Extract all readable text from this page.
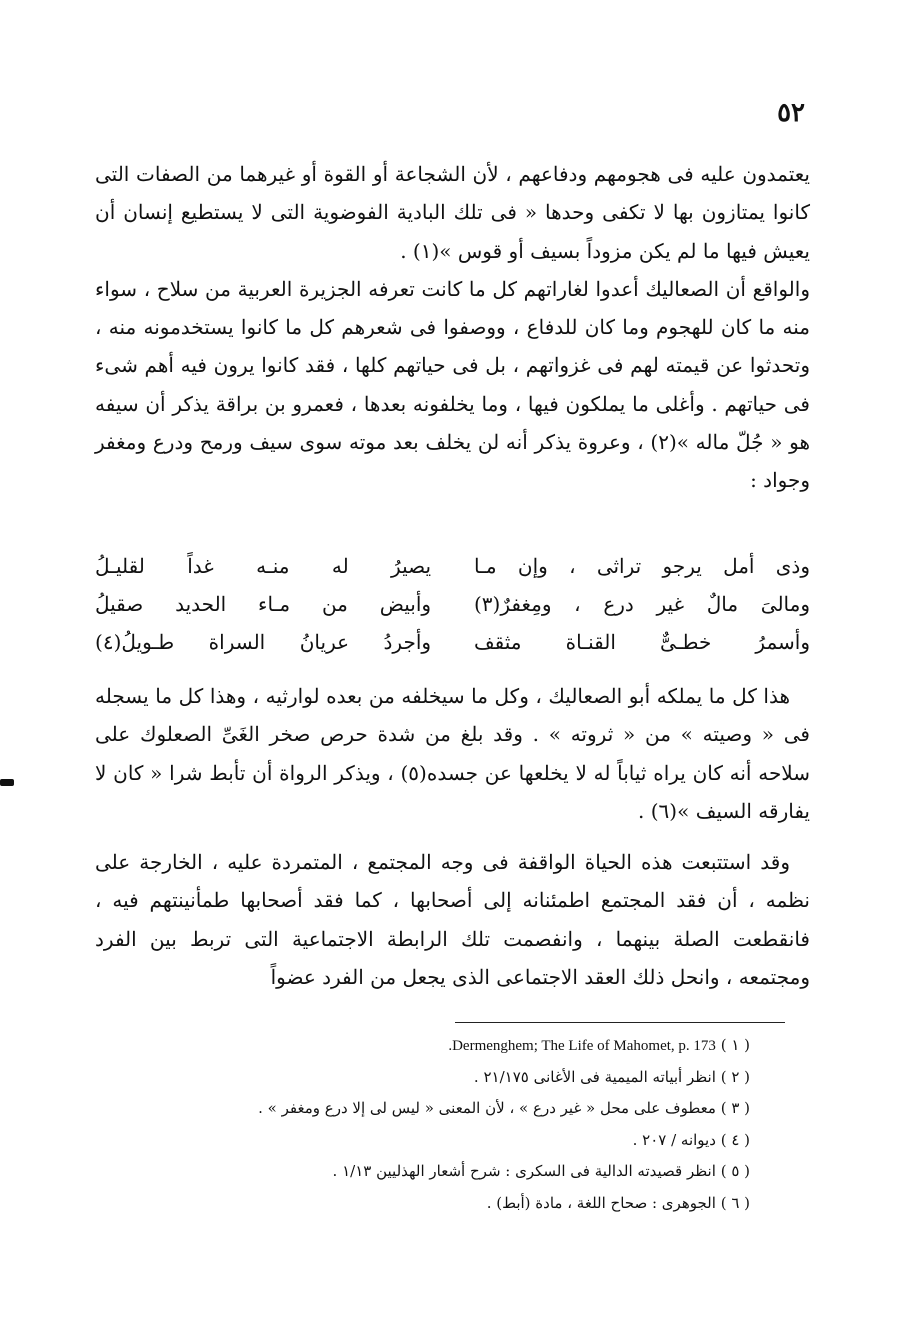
٥٢

يعتمدون عليه فى هجومهم ودفاعهم ، لأن الشجاعة أو القوة أو غيرهما من الصفات التى كانوا يمتازون بها لا تكفى وحدها « فى تلك البادية الفوضوية التى لا يستطيع إنسان أن يعيش فيها ما لم يكن مزوداً بسيف أو قوس »(١) .

والواقع أن الصعاليك أعدوا لغاراتهم كل ما كانت تعرفه الجزيرة العربية من سلاح ، سواء منه ما كان للهجوم وما كان للدفاع ، ووصفوا فى شعرهم كل ما كانوا يستخدمونه منه ، وتحدثوا عن قيمته لهم فى غزواتهم ، بل فى حياتهم كلها ، فقد كانوا يرون فيه أهم شىء فى حياتهم . وأغلى ما يملكون فيها ، وما يخلفونه بعدها ، فعمرو بن براقة يذكر أن سيفه هو « جُلّ ماله »(٢) ، وعروة يذكر أنه لن يخلف بعد موته سوى سيف ورمح ودرع ومغفر وجواد :

وذى أمل يرجو تراثى ، وإن مـا
يصيرُ له منـه غداً لقليـلُ
ومالىَ مالٌ غير درع ، ومِغفرٌ(٣)
وأبيض من مـاء الحديد صقيلُ
وأسمرُ خطـىٌّ القنـاة مثقف
وأجردُ عريانُ السراة طـويلُ(٤)

هذا كل ما يملكه أبو الصعاليك ، وكل ما سيخلفه من بعده لوارثيه ، وهذا كل ما يسجله فى « وصيته » من « ثروته » . وقد بلغ من شدة حرص صخر الغَىِّ الصعلوك على سلاحه أنه كان يراه ثياباً له لا يخلعها عن جسده(٥) ، ويذكر الرواة أن تأبط شرا « كان لا يفارقه السيف »(٦) .

وقد استتبعت هذه الحياة الواقفة فى وجه المجتمع ، المتمردة عليه ، الخارجة على نظمه ، أن فقد المجتمع اطمئنانه إلى أصحابها ، كما فقد أصحابها طمأنينتهم فيه ، فانقطعت الصلة بينهما ، وانفصمت تلك الرابطة الاجتماعية التى تربط بين الفرد ومجتمعه ، وانحل ذلك العقد الاجتماعى الذى يجعل من الفرد عضواً

( ١ ) Dermenghem; The Life of Mahomet, p. 173.
( ٢ ) انظر أبياته الميمية فى الأغانى ٢١/١٧٥ .
( ٣ ) معطوف على محل « غير درع » ، لأن المعنى « ليس لى إلا درع ومغفر » .
( ٤ ) ديوانه / ٢٠٧ .
( ٥ ) انظر قصيدته الدالية فى السكرى : شرح أشعار الهذليين ١/١٣ .
( ٦ ) الجوهرى : صحاح اللغة ، مادة (أبط) .
